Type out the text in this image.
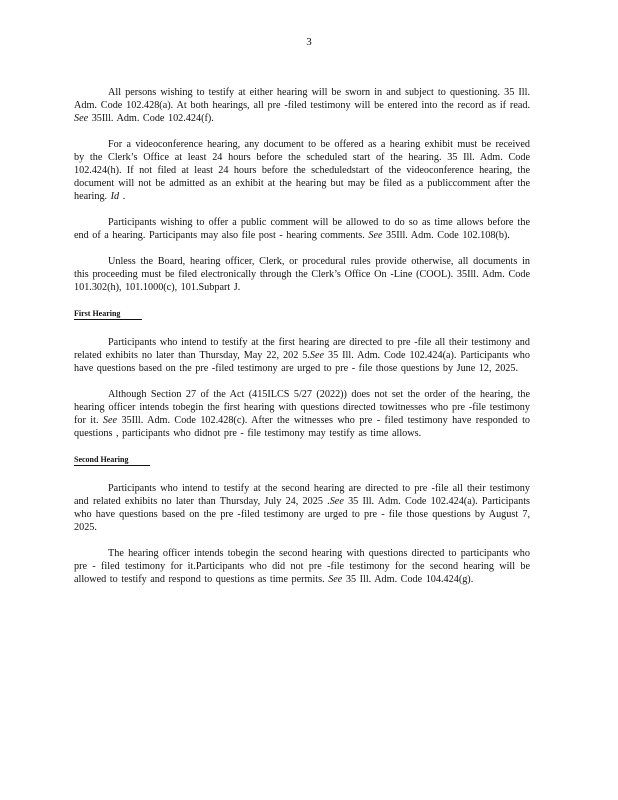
3

All persons wishing to testify at either hearing will be sworn in and subject to questioning. 35 Ill. Adm. Code 102.428(a). At both hearings, all pre -filed testimony will be entered into the record as if read. See 35Ill. Adm. Code 102.424(f).

For a videoconference hearing, any document to be offered as a hearing exhibit must be received by the Clerk’s Office at least 24 hours before the scheduled start of the hearing. 35 Ill. Adm. Code 102.424(h). If not filed at least 24 hours before the scheduledstart of the videoconference hearing, the document will not be admitted as an exhibit at the hearing but may be filed as a publiccomment after the hearing. Id .

Participants wishing to offer a public comment will be allowed to do so as time allows before the end of a hearing. Participants may also file post - hearing comments. See 35Ill. Adm. Code 102.108(b).

Unless the Board, hearing officer, Clerk, or procedural rules provide otherwise, all documents in this proceeding must be filed electronically through the Clerk’s Office On -Line (COOL). 35Ill. Adm. Code 101.302(h), 101.1000(c), 101.Subpart J.

First Hearing

Participants who intend to testify at the first hearing are directed to pre -file all their testimony and related exhibits no later than Thursday, May 22, 202 5.See 35 Ill. Adm. Code 102.424(a). Participants who have questions based on the pre -filed testimony are urged to pre - file those questions by June 12, 2025.

Although Section 27 of the Act (415ILCS 5/27 (2022)) does not set the order of the hearing, the hearing officer intends tobegin the first hearing with questions directed towitnesses who pre -file testimony for it. See 35Ill. Adm. Code 102.428(c). After the witnesses who pre - filed testimony have responded to questions , participants who didnot pre - file testimony may testify as time allows.

Second Hearing

Participants who intend to testify at the second hearing are directed to pre -file all their testimony and related exhibits no later than Thursday, July 24, 2025 .See 35 Ill. Adm. Code 102.424(a). Participants who have questions based on the pre -filed testimony are urged to pre - file those questions by August 7, 2025.

The hearing officer intends tobegin the second hearing with questions directed to participants who pre - filed testimony for it.Participants who did not pre -file testimony for the second hearing will be allowed to testify and respond to questions as time permits. See 35 Ill. Adm. Code 104.424(g).
